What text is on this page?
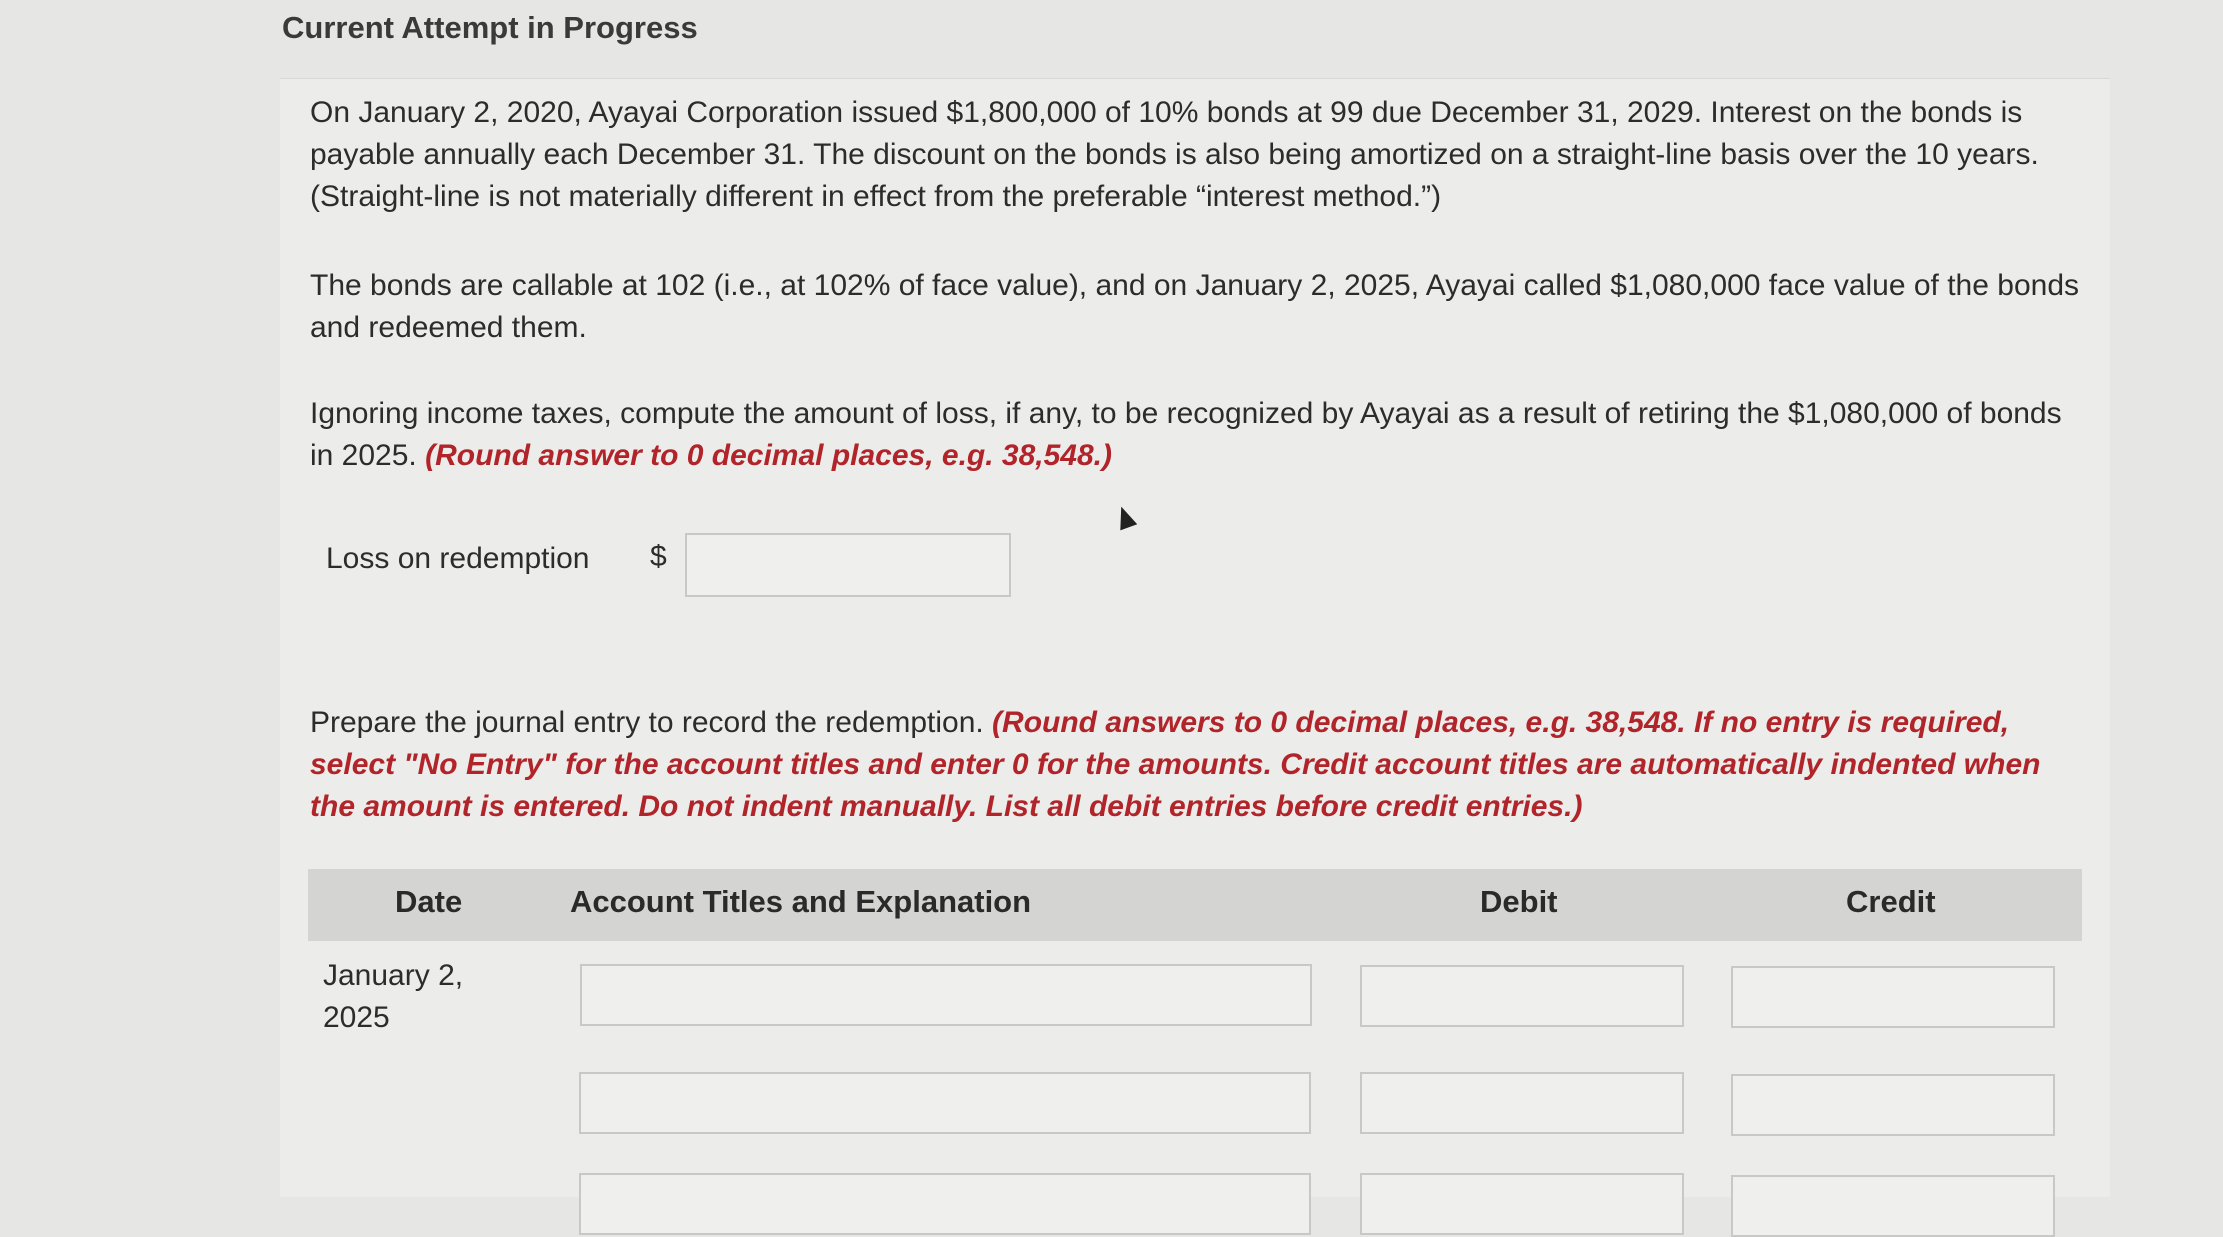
Current Attempt in Progress
On January 2, 2020, Ayayai Corporation issued $1,800,000 of 10% bonds at 99 due December 31, 2029. Interest on the bonds is payable annually each December 31. The discount on the bonds is also being amortized on a straight-line basis over the 10 years. (Straight-line is not materially different in effect from the preferable “interest method.”)
The bonds are callable at 102 (i.e., at 102% of face value), and on January 2, 2025, Ayayai called $1,080,000 face value of the bonds and redeemed them.
Ignoring income taxes, compute the amount of loss, if any, to be recognized by Ayayai as a result of retiring the $1,080,000 of bonds in 2025. (Round answer to 0 decimal places, e.g. 38,548.)
Loss on redemption $
Prepare the journal entry to record the redemption. (Round answers to 0 decimal places, e.g. 38,548. If no entry is required, select "No Entry" for the account titles and enter 0 for the amounts. Credit account titles are automatically indented when the amount is entered. Do not indent manually. List all debit entries before credit entries.)
Date	Account Titles and Explanation	Debit	Credit
January 2, 2025
